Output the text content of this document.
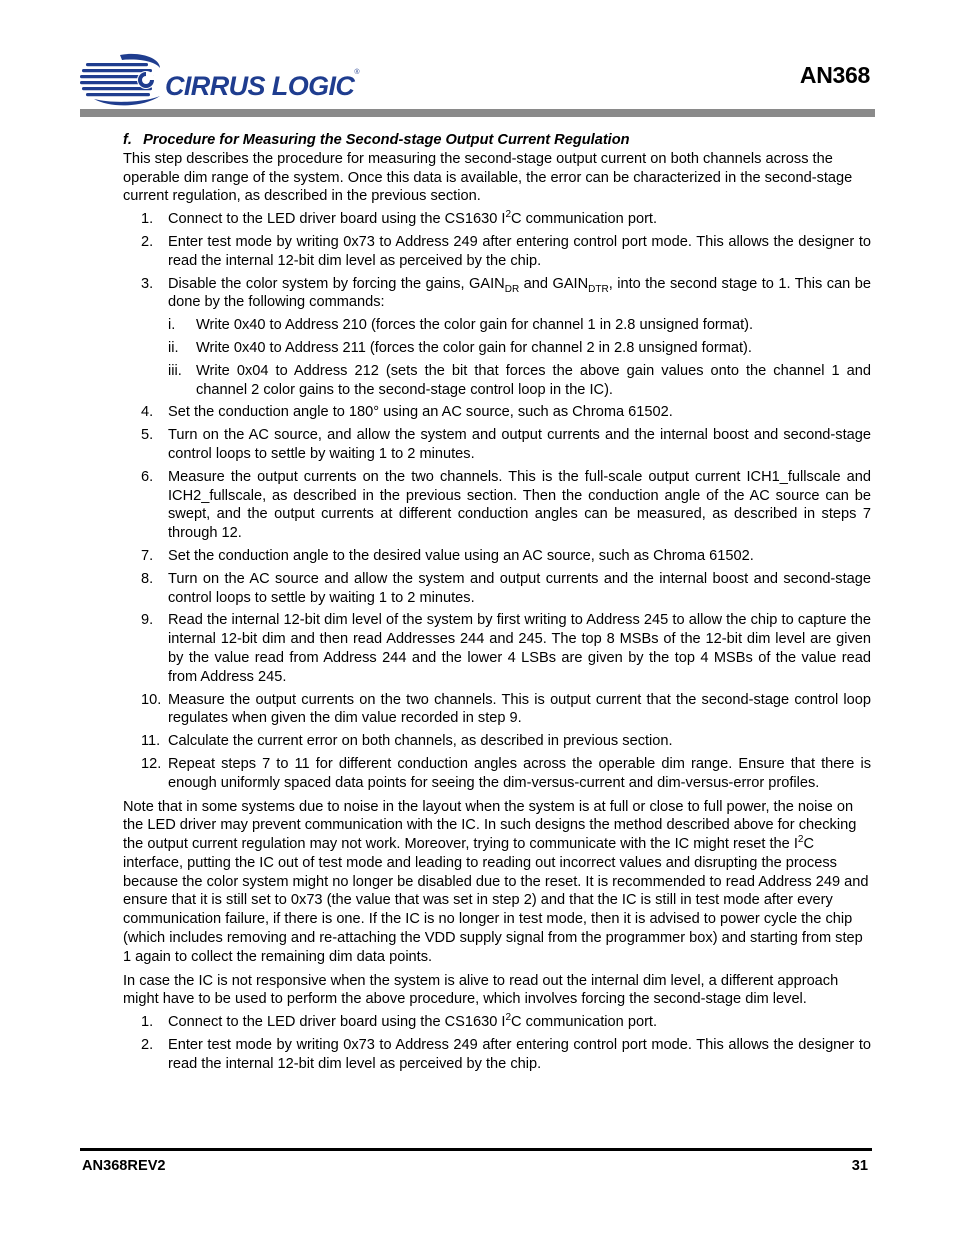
CIRRUS LOGIC®	AN368

f. Procedure for Measuring the Second-stage Output Current Regulation

This step describes the procedure for measuring the second-stage output current on both channels across the operable dim range of the system. Once this data is available, the error can be characterized in the second-stage current regulation, as described in the previous section.

1. Connect to the LED driver board using the CS1630 $I^2C$ communication port.
2. Enter test mode by writing 0x73 to Address 249 after entering control port mode. This allows the designer to read the internal 12-bit dim level as perceived by the chip.
3. Disable the color system by forcing the gains, $GAIN_{DR}$ and $GAIN_{DTR}$, into the second stage to 1. This can be done by the following commands:
i. Write 0x40 to Address 210 (forces the color gain for channel 1 in 2.8 unsigned format).
ii. Write 0x40 to Address 211 (forces the color gain for channel 2 in 2.8 unsigned format).
iii. Write 0x04 to Address 212 (sets the bit that forces the above gain values onto the channel 1 and channel 2 color gains to the second-stage control loop in the IC).
4. Set the conduction angle to 180° using an AC source, such as Chroma 61502.
5. Turn on the AC source, and allow the system and output currents and the internal boost and second-stage control loops to settle by waiting 1 to 2 minutes.
6. Measure the output currents on the two channels. This is the full-scale output current ICH1_fullscale and ICH2_fullscale, as described in the previous section. Then the conduction angle of the AC source can be swept, and the output currents at different conduction angles can be measured, as described in steps 7 through 12.
7. Set the conduction angle to the desired value using an AC source, such as Chroma 61502.
8. Turn on the AC source and allow the system and output currents and the internal boost and second-stage control loops to settle by waiting 1 to 2 minutes.
9. Read the internal 12-bit dim level of the system by first writing to Address 245 to allow the chip to capture the internal 12-bit dim and then read Addresses 244 and 245. The top 8 MSBs of the 12-bit dim level are given by the value read from Address 244 and the lower 4 LSBs are given by the top 4 MSBs of the value read from Address 245.
10. Measure the output currents on the two channels. This is output current that the second-stage control loop regulates when given the dim value recorded in step 9.
11. Calculate the current error on both channels, as described in previous section.
12. Repeat steps 7 to 11 for different conduction angles across the operable dim range. Ensure that there is enough uniformly spaced data points for seeing the dim-versus-current and dim-versus-error profiles.

Note that in some systems due to noise in the layout when the system is at full or close to full power, the noise on the LED driver may prevent communication with the IC. In such designs the method described above for checking the output current regulation may not work. Moreover, trying to communicate with the IC might reset the $I^2C$ interface, putting the IC out of test mode and leading to reading out incorrect values and disrupting the process because the color system might no longer be disabled due to the reset. It is recommended to read Address 249 and ensure that it is still set to 0x73 (the value that was set in step 2) and that the IC is still in test mode after every communication failure, if there is one. If the IC is no longer in test mode, then it is advised to power cycle the chip (which includes removing and re-attaching the VDD supply signal from the programmer box) and starting from step 1 again to collect the remaining dim data points.

In case the IC is not responsive when the system is alive to read out the internal dim level, a different approach might have to be used to perform the above procedure, which involves forcing the second-stage dim level.

1. Connect to the LED driver board using the CS1630 $I^2C$ communication port.
2. Enter test mode by writing 0x73 to Address 249 after entering control port mode. This allows the designer to read the internal 12-bit dim level as perceived by the chip.
AN368REV2	31
